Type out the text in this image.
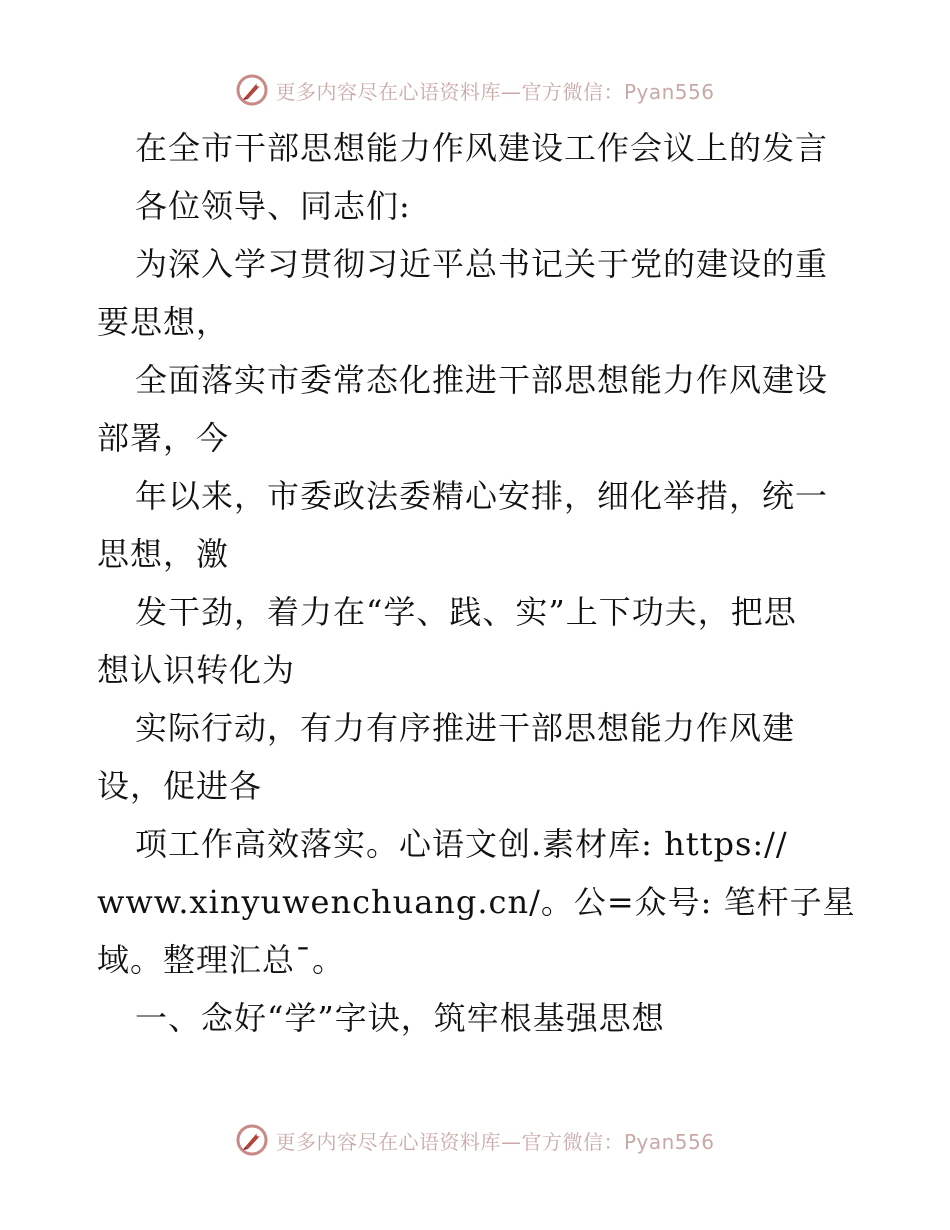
更多内容尽在心语资料库—官方微信：Pyan556
在全市干部思想能力作风建设工作会议上的发言
各位领导、同志们:
为深入学习贯彻习近平总书记关于党的建设的重
要思想，
全面落实市委常态化推进干部思想能力作风建设
部署，今
年以来，市委政法委精心安排，细化举措，统一
思想，激
发干劲，着力在“学、践、实”上下功夫，把思
想认识转化为
实际行动，有力有序推进干部思想能力作风建
设，促进各
项工作高效落实。心语文创.素材库: https://
www.xinyuwenchuang.cn/。公=众号: 笔杆子星
域。整理汇总¯。
一、念好“学”字诀，筑牢根基强思想
更多内容尽在心语资料库—官方微信：Pyan556
